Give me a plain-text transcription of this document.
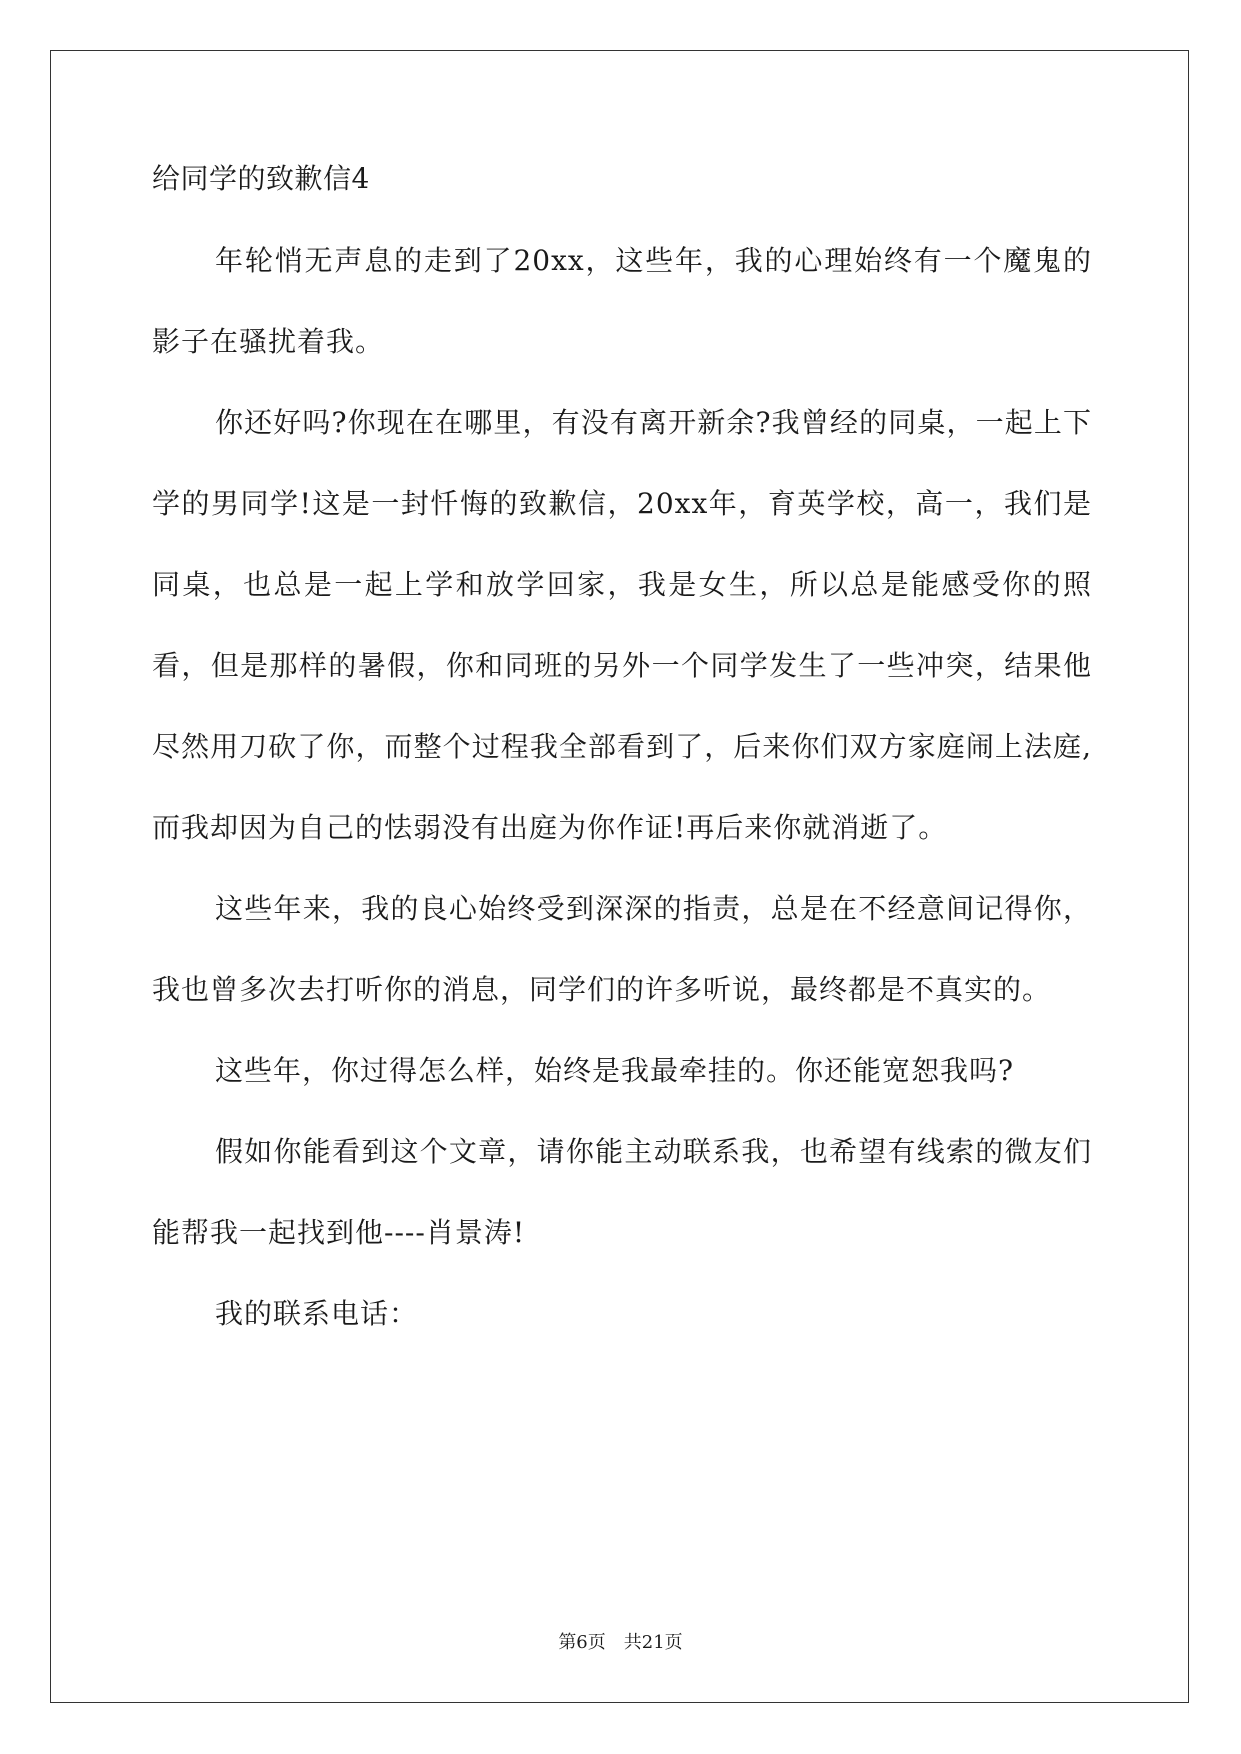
给同学的致歉信4

年轮悄无声息的走到了20xx，这些年，我的心理始终有一个魔鬼的影子在骚扰着我。

你还好吗?你现在在哪里，有没有离开新余?我曾经的同桌，一起上下学的男同学!这是一封忏悔的致歉信，20xx年，育英学校，高一，我们是同桌，也总是一起上学和放学回家，我是女生，所以总是能感受你的照看，但是那样的暑假，你和同班的另外一个同学发生了一些冲突，结果他尽然用刀砍了你，而整个过程我全部看到了，后来你们双方家庭闹上法庭,而我却因为自己的怯弱没有出庭为你作证!再后来你就消逝了。

这些年来，我的良心始终受到深深的指责，总是在不经意间记得你，我也曾多次去打听你的消息，同学们的许多听说，最终都是不真实的。

这些年，你过得怎么样，始终是我最牵挂的。你还能宽恕我吗?

假如你能看到这个文章，请你能主动联系我，也希望有线索的微友们能帮我一起找到他----肖景涛!

我的联系电话：

第6页　共21页
